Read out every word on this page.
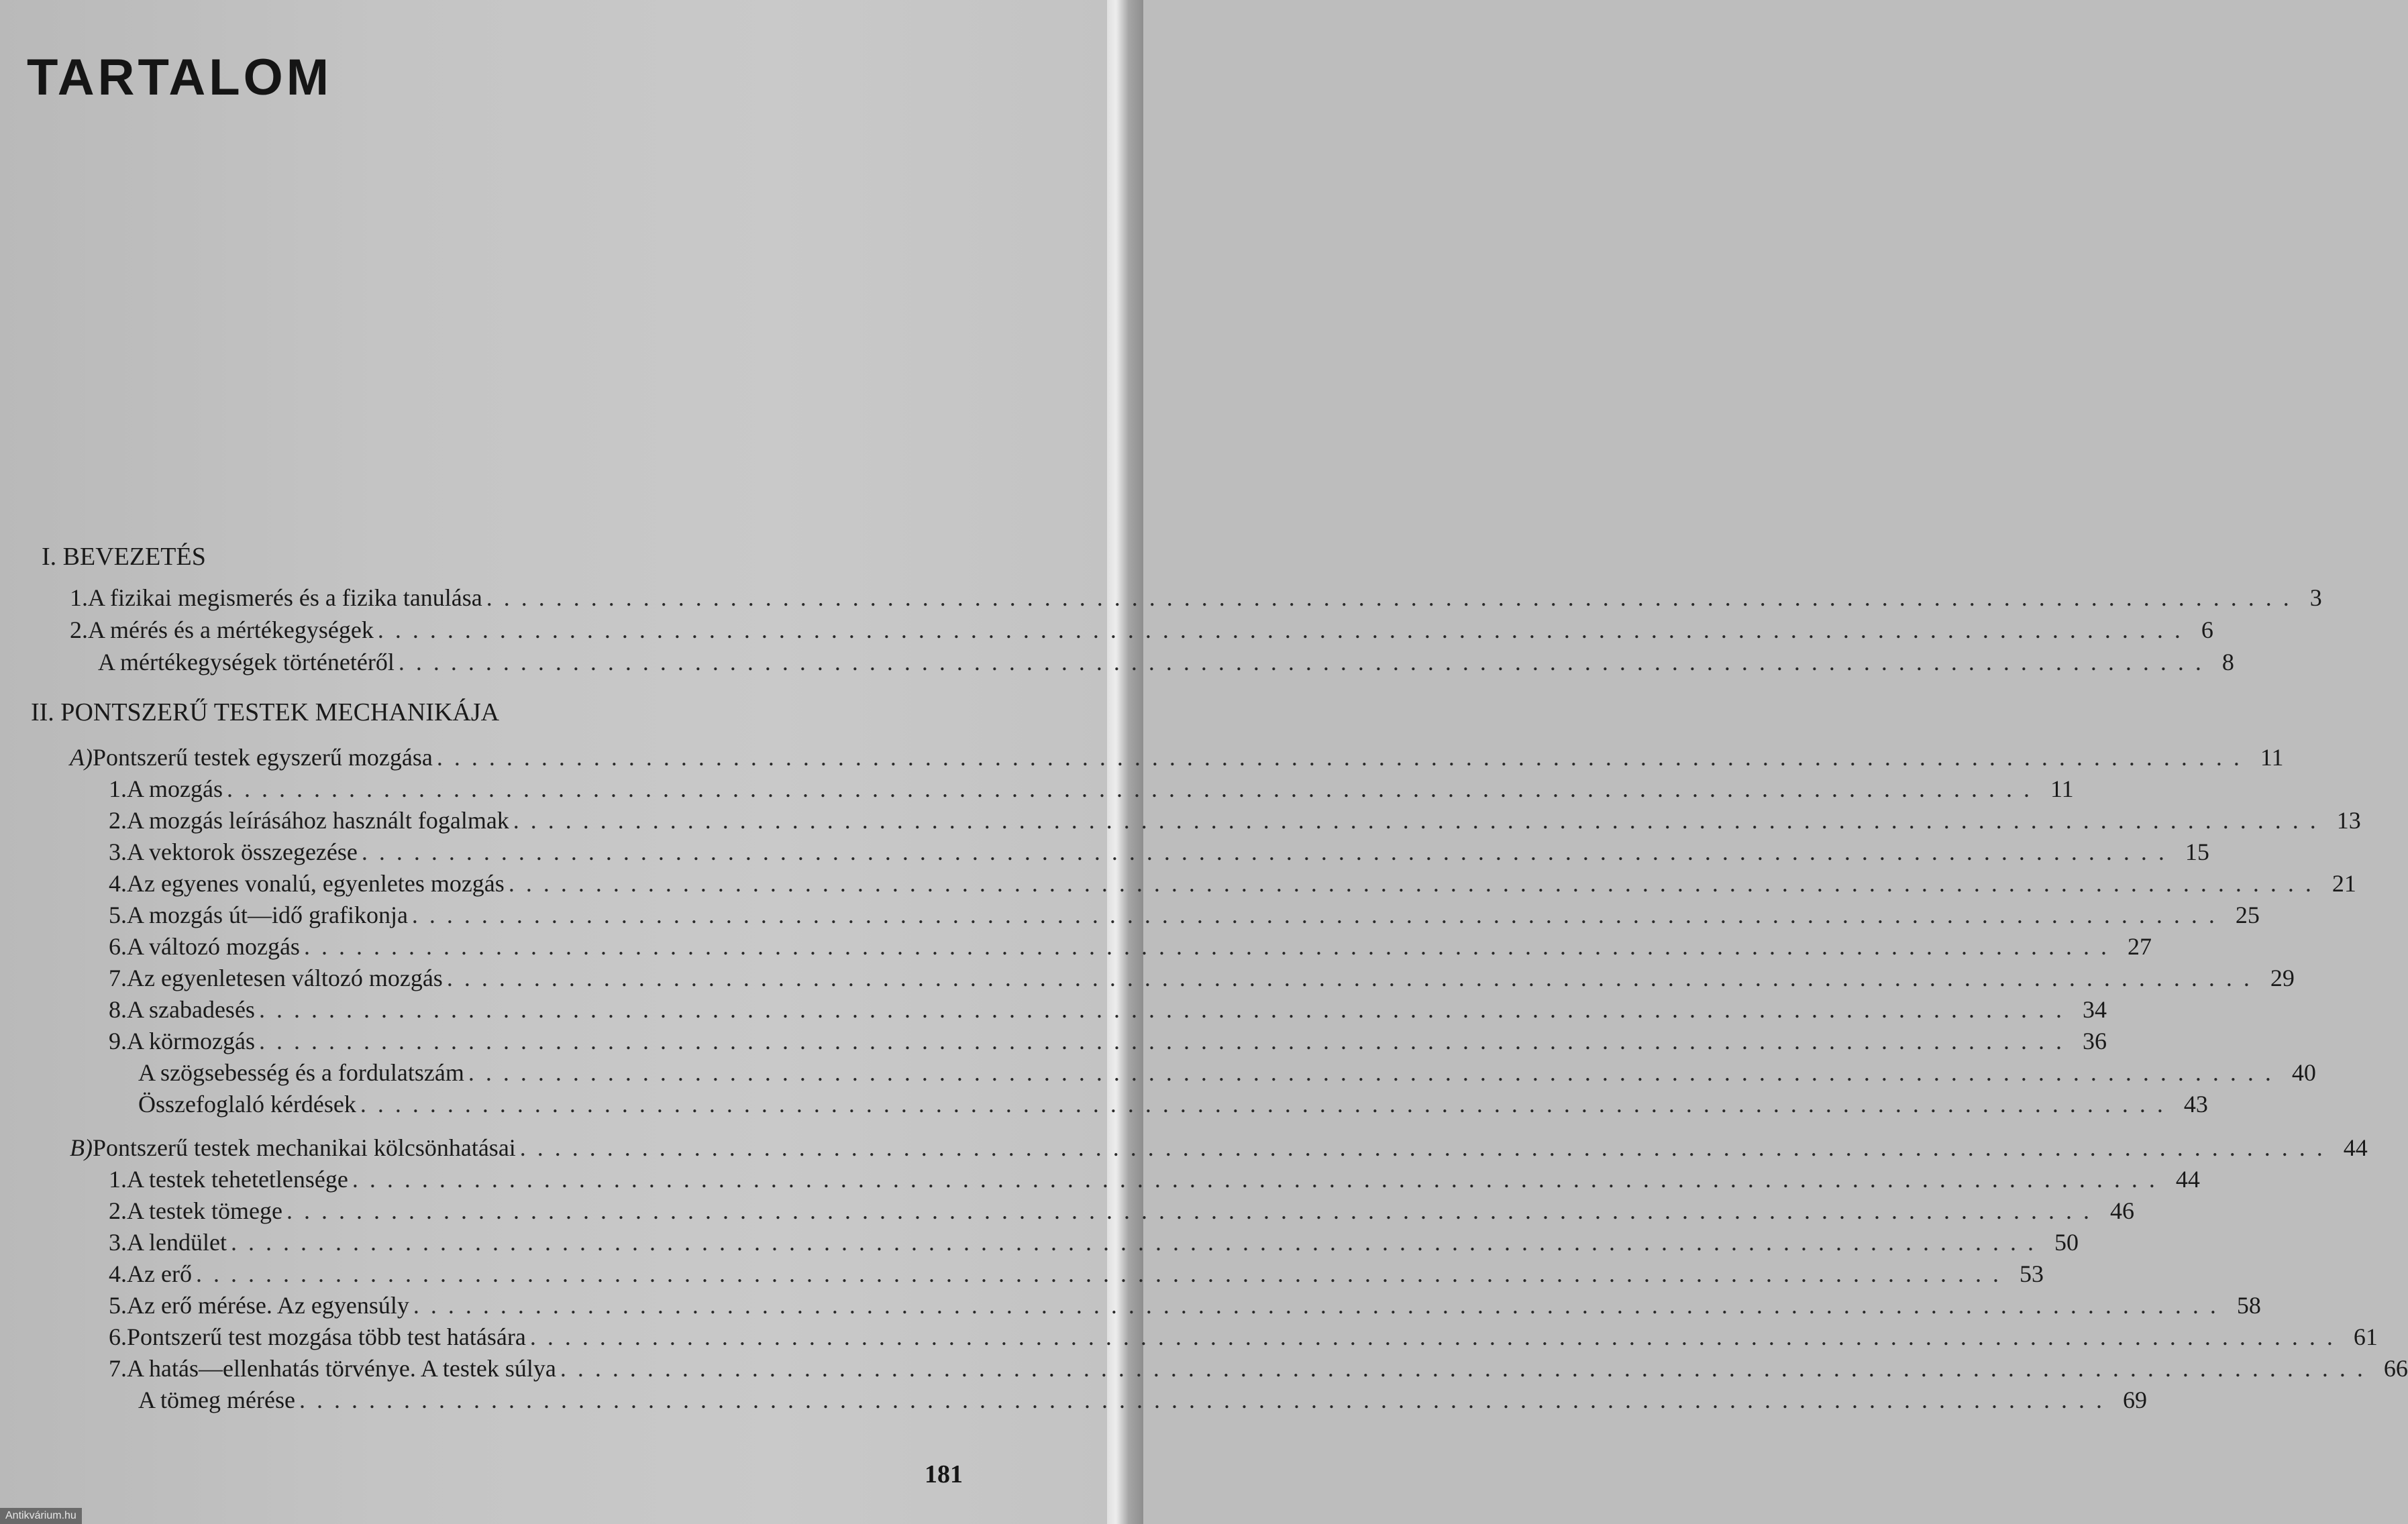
TARTALOM
I. BEVEZETÉS
1. A fizikai megismerés és a fizika tanulása ........................................................................................................ 3
2. A mérés és a mértékegységek ........................................................................................................ 6
A mértékegységek történetéről ........................................................................................................ 8
II. PONTSZERŰ TESTEK MECHANIKÁJA
A) Pontszerű testek egyszerű mozgása ........................................................................................................ 11
1. A mozgás ........................................................................................................ 11
2. A mozgás leírásához használt fogalmak ........................................................................................................ 13
3. A vektorok összegezése ........................................................................................................ 15
4. Az egyenes vonalú, egyenletes mozgás ........................................................................................................ 21
5. A mozgás út—idő grafikonja ........................................................................................................ 25
6. A változó mozgás ........................................................................................................ 27
7. Az egyenletesen változó mozgás ........................................................................................................ 29
8. A szabadesés ........................................................................................................ 34
9. A körmozgás ........................................................................................................ 36
A szögsebesség és a fordulatszám ........................................................................................................ 40
Összefoglaló kérdések ........................................................................................................ 43
B) Pontszerű testek mechanikai kölcsönhatásai ........................................................................................................ 44
1. A testek tehetetlensége ........................................................................................................ 44
2. A testek tömege ........................................................................................................ 46
3. A lendület ........................................................................................................ 50
4. Az erő ........................................................................................................ 53
5. Az erő mérése. Az egyensúly ........................................................................................................ 58
6. Pontszerű test mozgása több test hatására ........................................................................................................ 61
7. A hatás—ellenhatás törvénye. A testek súlya ........................................................................................................ 66
A tömeg mérése ........................................................................................................ 69
181
Antikvárium.hu
